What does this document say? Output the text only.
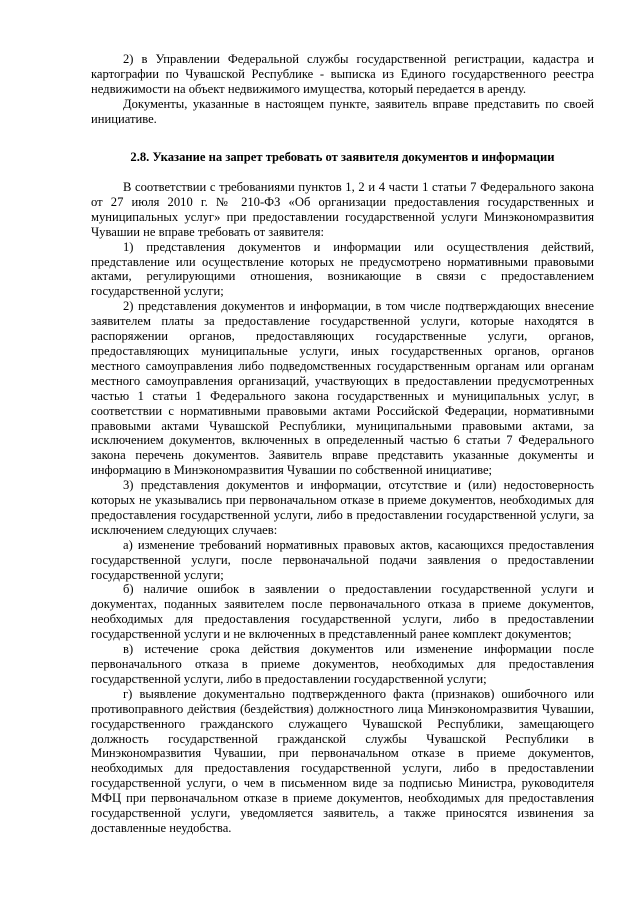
2) в Управлении Федеральной службы государственной регистрации, кадастра и картографии по Чувашской Республике - выписка из Единого государственного реестра недвижимости на объект недвижимого имущества, который передается в аренду.

Документы, указанные в настоящем пункте, заявитель вправе представить по своей инициативе.

2.8. Указание на запрет требовать от заявителя документов и информации

В соответствии с требованиями пунктов 1, 2 и 4 части 1 статьи 7 Федерального закона от 27 июля 2010 г. № 210-ФЗ «Об организации предоставления государственных и муниципальных услуг» при предоставлении государственной услуги Минэкономразвития Чувашии не вправе требовать от заявителя:

1) представления документов и информации или осуществления действий, представление или осуществление которых не предусмотрено нормативными правовыми актами, регулирующими отношения, возникающие в связи с предоставлением государственной услуги;

2) представления документов и информации, в том числе подтверждающих внесение заявителем платы за предоставление государственной услуги, которые находятся в распоряжении органов, предоставляющих государственные услуги, органов, предоставляющих муниципальные услуги, иных государственных органов, органов местного самоуправления либо подведомственных государственным органам или органам местного самоуправления организаций, участвующих в предоставлении предусмотренных частью 1 статьи 1 Федерального закона государственных и муниципальных услуг, в соответствии с нормативными правовыми актами Российской Федерации, нормативными правовыми актами Чувашской Республики, муниципальными правовыми актами, за исключением документов, включенных в определенный частью 6 статьи 7 Федерального закона перечень документов. Заявитель вправе представить указанные документы и информацию в Минэкономразвития Чувашии по собственной инициативе;

3) представления документов и информации, отсутствие и (или) недостоверность которых не указывались при первоначальном отказе в приеме документов, необходимых для предоставления государственной услуги, либо в предоставлении государственной услуги, за исключением следующих случаев:

а) изменение требований нормативных правовых актов, касающихся предоставления государственной услуги, после первоначальной подачи заявления о предоставлении государственной услуги;

б) наличие ошибок в заявлении о предоставлении государственной услуги и документах, поданных заявителем после первоначального отказа в приеме документов, необходимых для предоставления государственной услуги, либо в предоставлении государственной услуги и не включенных в представленный ранее комплект документов;

в) истечение срока действия документов или изменение информации после первоначального отказа в приеме документов, необходимых для предоставления государственной услуги, либо в предоставлении государственной услуги;

г) выявление документально подтвержденного факта (признаков) ошибочного или противоправного действия (бездействия) должностного лица Минэкономразвития Чувашии, государственного гражданского служащего Чувашской Республики, замещающего должность государственной гражданской службы Чувашской Республики в Минэкономразвития Чувашии, при первоначальном отказе в приеме документов, необходимых для предоставления государственной услуги, либо в предоставлении государственной услуги, о чем в письменном виде за подписью Министра, руководителя МФЦ при первоначальном отказе в приеме документов, необходимых для предоставления государственной услуги, уведомляется заявитель, а также приносятся извинения за доставленные неудобства.
